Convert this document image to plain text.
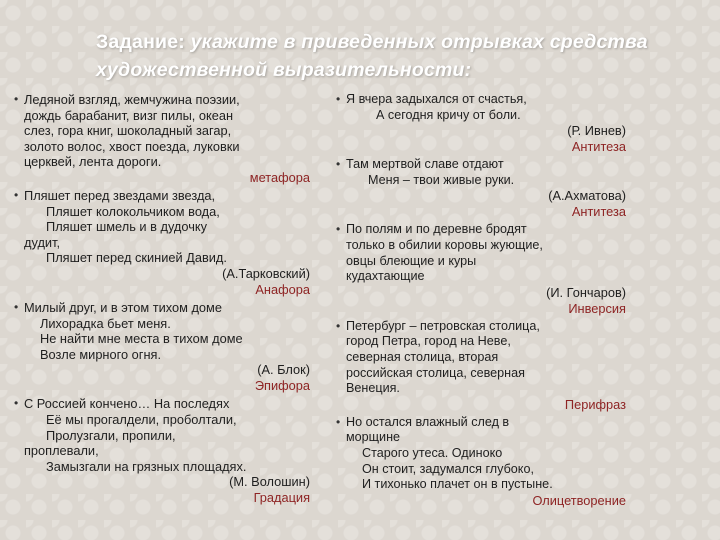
Задание: укажите в приведенных отрывках средства художественной выразительности:
• Ледяной взгляд, жемчужина поэзии,
дождь барабанит, визг пилы, океан
слез, гора книг, шоколадный загар,
золото волос, хвост поезда, луковки
церквей, лента дороги.
метафора
• Пляшет перед звездами звезда,
Пляшет колокольчиком вода,
Пляшет шмель и в дудочку
дудит,
Пляшет перед скинией Давид.
(А.Тарковский)
Анафора
• Милый друг, и в этом тихом доме
Лихорадка бьет меня.
Не найти мне места в тихом доме
Возле мирного огня.
(А. Блок)
Эпифора
• С Россией кончено… На последях
Её мы прогалдели, проболтали,
Пролузгали, пропили,
проплевали,
Замызгали на грязных площадях.
(М. Волошин)
Градация
• Я вчера задыхался от счастья,
А сегодня кричу от боли.
(Р. Ивнев)
Антитеза
• Там мертвой славе отдают
Меня – твои живые руки.
(А.Ахматова)
Антитеза
• По полям и по деревне бродят
только в обилии коровы жующие,
овцы блеющие и куры
кудахтающие
(И. Гончаров)
Инверсия
• Петербург – петровская столица,
город Петра, город на Неве,
северная столица, вторая
российская столица, северная
Венеция.
Перифраз
• Но остался влажный след в
морщине
Старого утеса. Одиноко
Он стоит, задумался глубоко,
И тихонько плачет он в пустыне.
Олицетворение
